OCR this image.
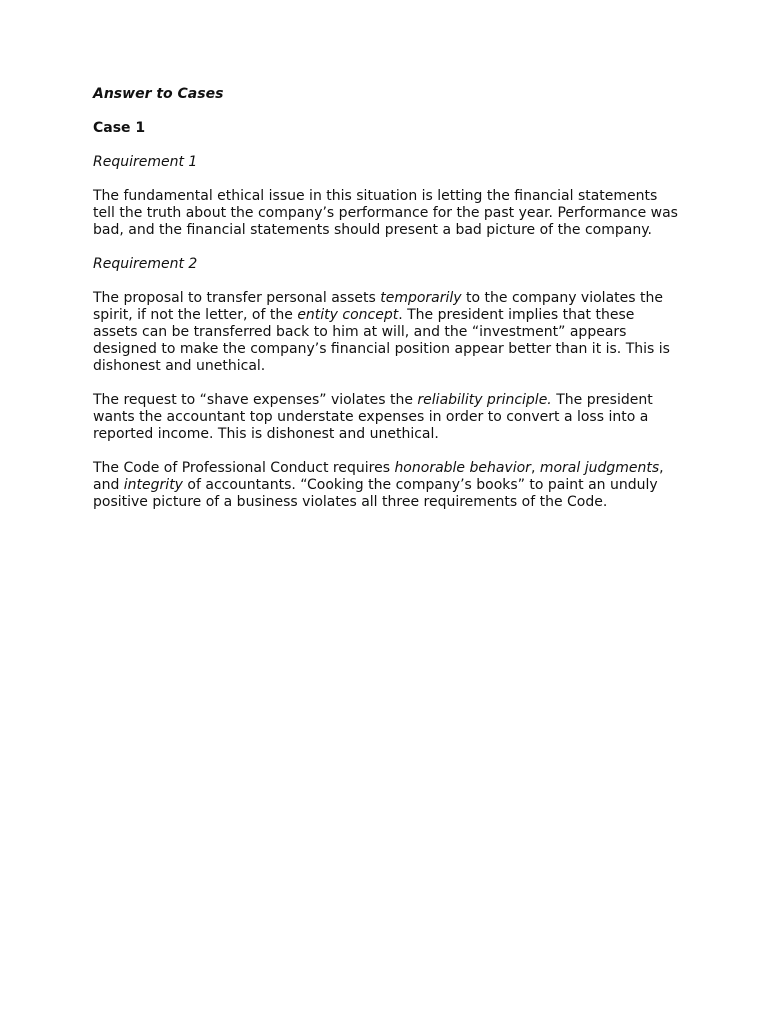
Answer to Cases
Case 1
Requirement 1

The fundamental ethical issue in this situation is letting the financial statements tell the truth about the company’s performance for the past year. Performance was bad, and the financial statements should present a bad picture of the company.

Requirement 2

The proposal to transfer personal assets temporarily to the company violates the spirit, if not the letter, of the entity concept. The president implies that these assets can be transferred back to him at will, and the “investment” appears designed to make the company’s financial position appear better than it is. This is dishonest and unethical.

The request to “shave expenses” violates the reliability principle. The president wants the accountant top understate expenses in order to convert a loss into a reported income. This is dishonest and unethical.

The Code of Professional Conduct requires honorable behavior, moral judgments, and integrity of accountants. “Cooking the company’s books” to paint an unduly positive picture of a business violates all three requirements of the Code.
